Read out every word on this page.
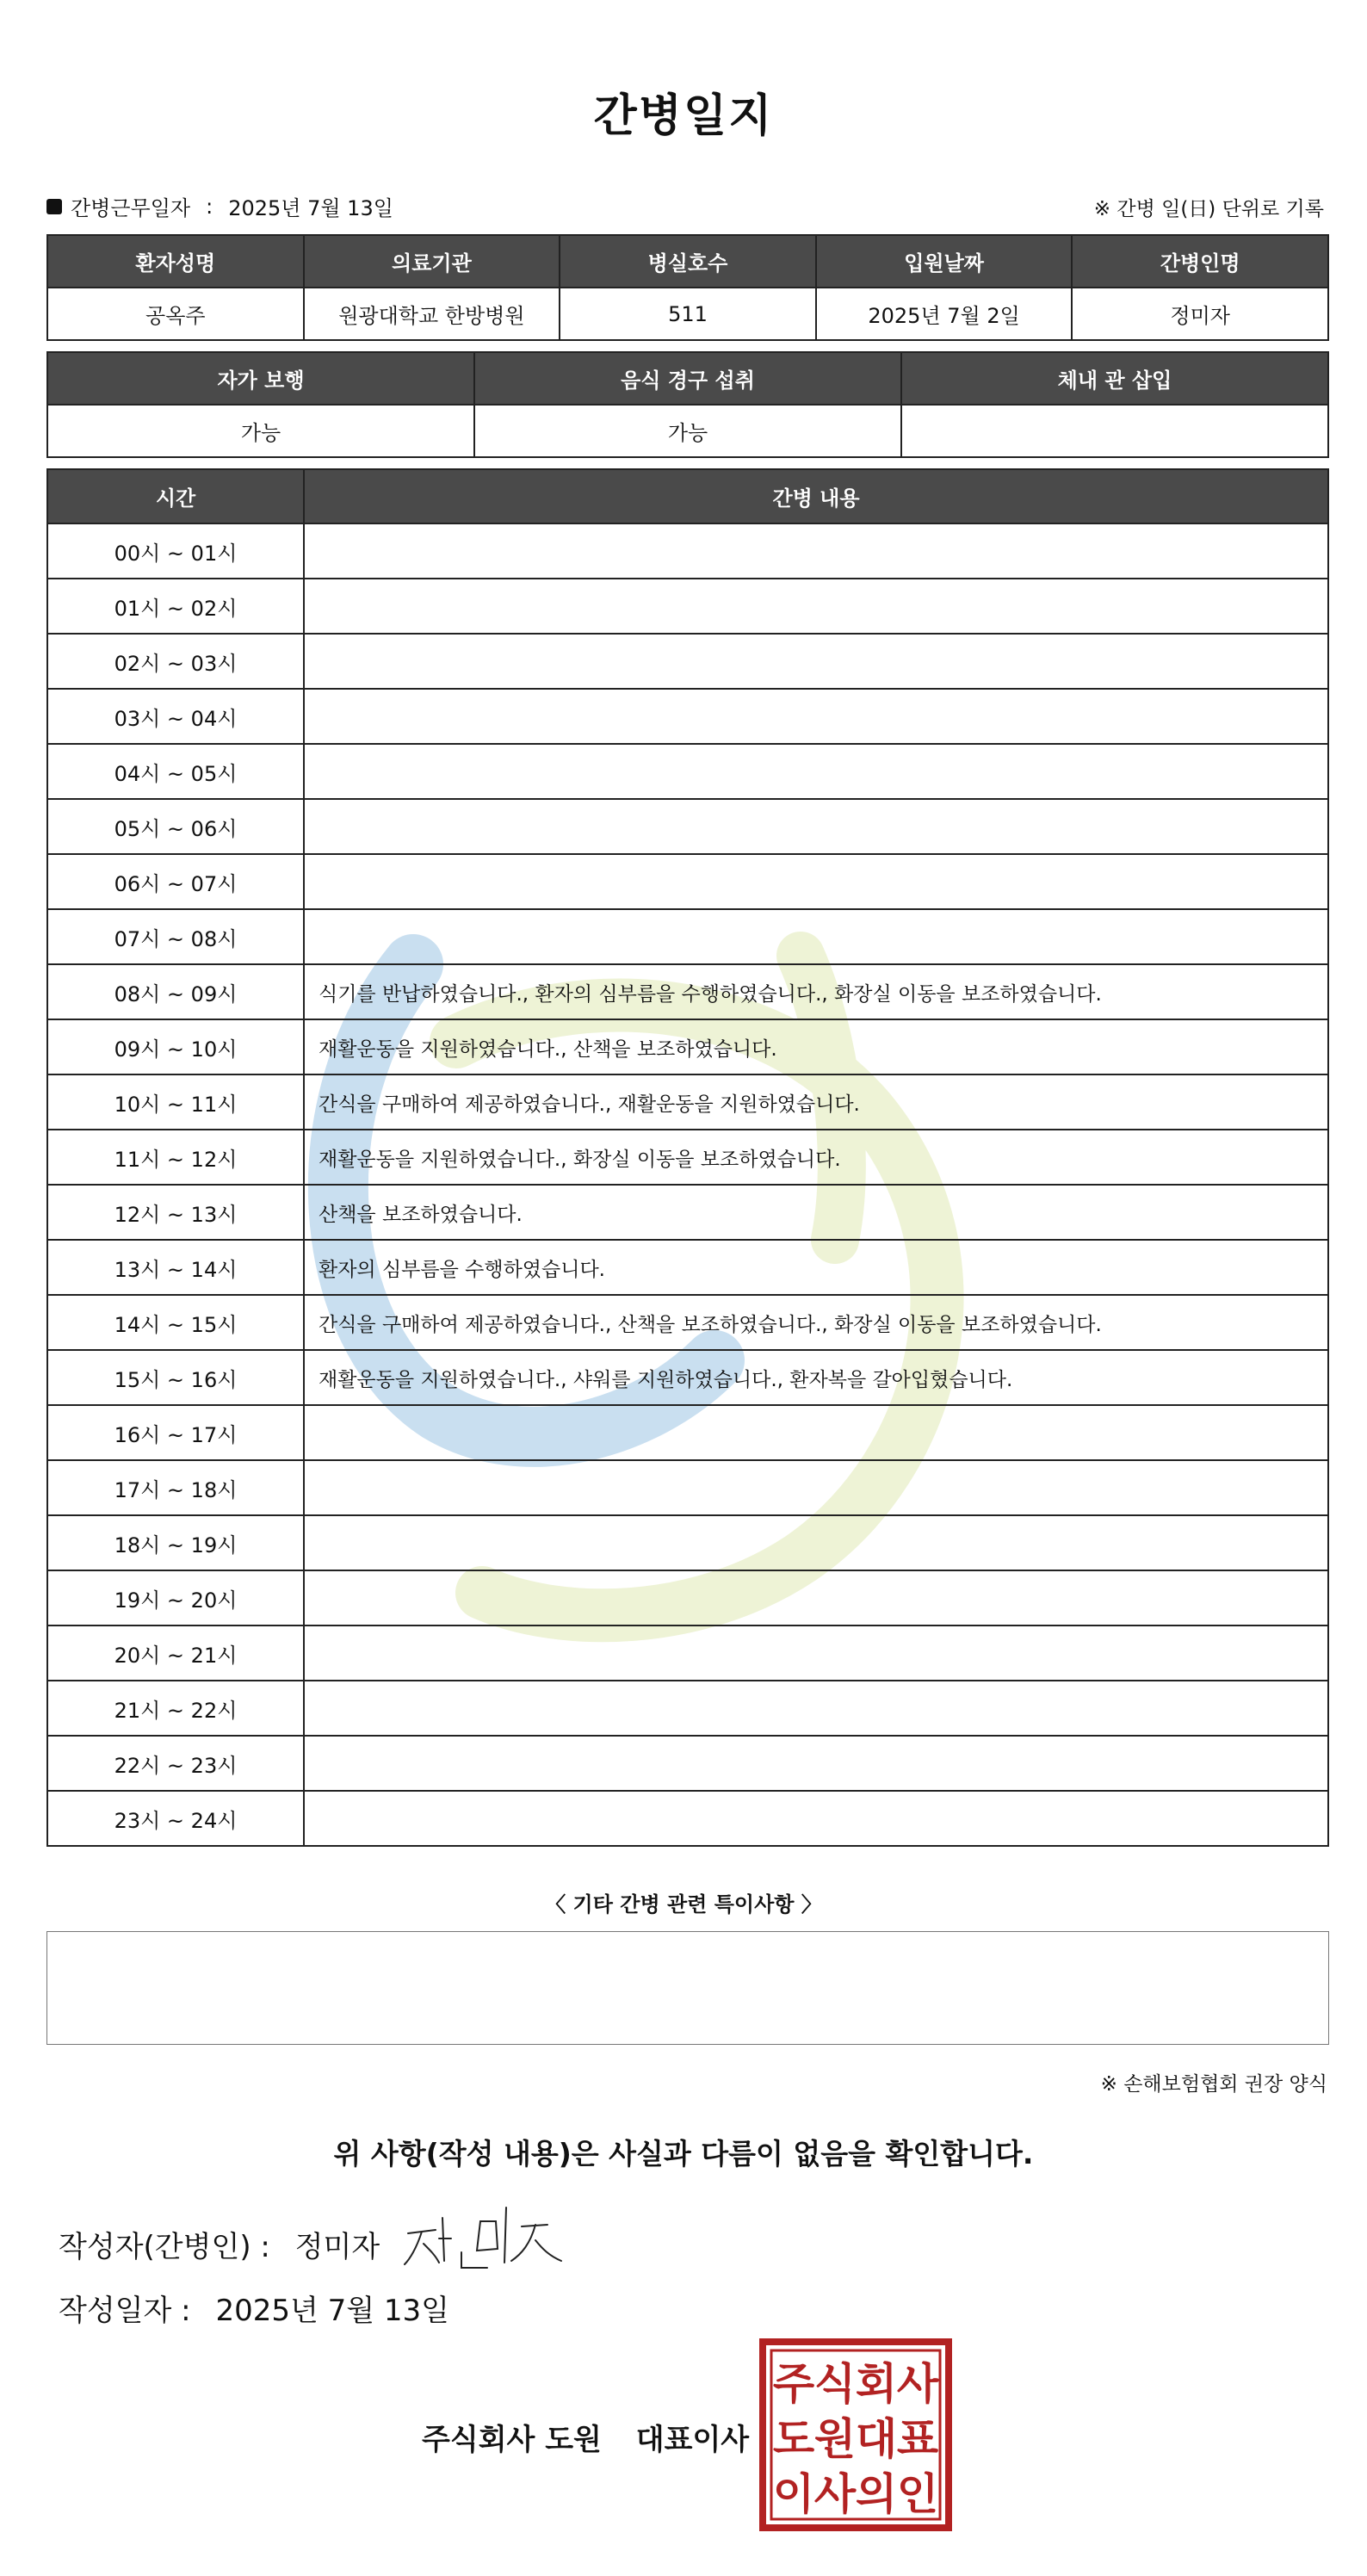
간병일지
간병근무일자 : 2025년 7월 13일	※ 간병 일(日) 단위로 기록
환자성명	의료기관	병실호수	입원날짜	간병인명
공옥주	원광대학교 한방병원	511	2025년 7월 2일	정미자
자가 보행	음식 경구 섭취	체내 관 삽입
가능	가능	
시간	간병 내용
00시 ~ 01시	
01시 ~ 02시	
02시 ~ 03시	
03시 ~ 04시	
04시 ~ 05시	
05시 ~ 06시	
06시 ~ 07시	
07시 ~ 08시	
08시 ~ 09시	식기를 반납하였습니다., 환자의 심부름을 수행하였습니다., 화장실 이동을 보조하였습니다.
09시 ~ 10시	재활운동을 지원하였습니다., 산책을 보조하였습니다.
10시 ~ 11시	간식을 구매하여 제공하였습니다., 재활운동을 지원하였습니다.
11시 ~ 12시	재활운동을 지원하였습니다., 화장실 이동을 보조하였습니다.
12시 ~ 13시	산책을 보조하였습니다.
13시 ~ 14시	환자의 심부름을 수행하였습니다.
14시 ~ 15시	간식을 구매하여 제공하였습니다., 산책을 보조하였습니다., 화장실 이동을 보조하였습니다.
15시 ~ 16시	재활운동을 지원하였습니다., 샤워를 지원하였습니다., 환자복을 갈아입혔습니다.
16시 ~ 17시	
17시 ~ 18시	
18시 ~ 19시	
19시 ~ 20시	
20시 ~ 21시	
21시 ~ 22시	
22시 ~ 23시	
23시 ~ 24시	
〈 기타 간병 관련 특이사항 〉
※ 손해보험협회 권장 양식
위 사항(작성 내용)은 사실과 다름이 없음을 확인합니다.
작성자(간병인) : 정미자
작성일자 : 2025년 7월 13일
주식회사 도원 대표이사
주 식 회 사
도 원 대 표
이 사 의 인
